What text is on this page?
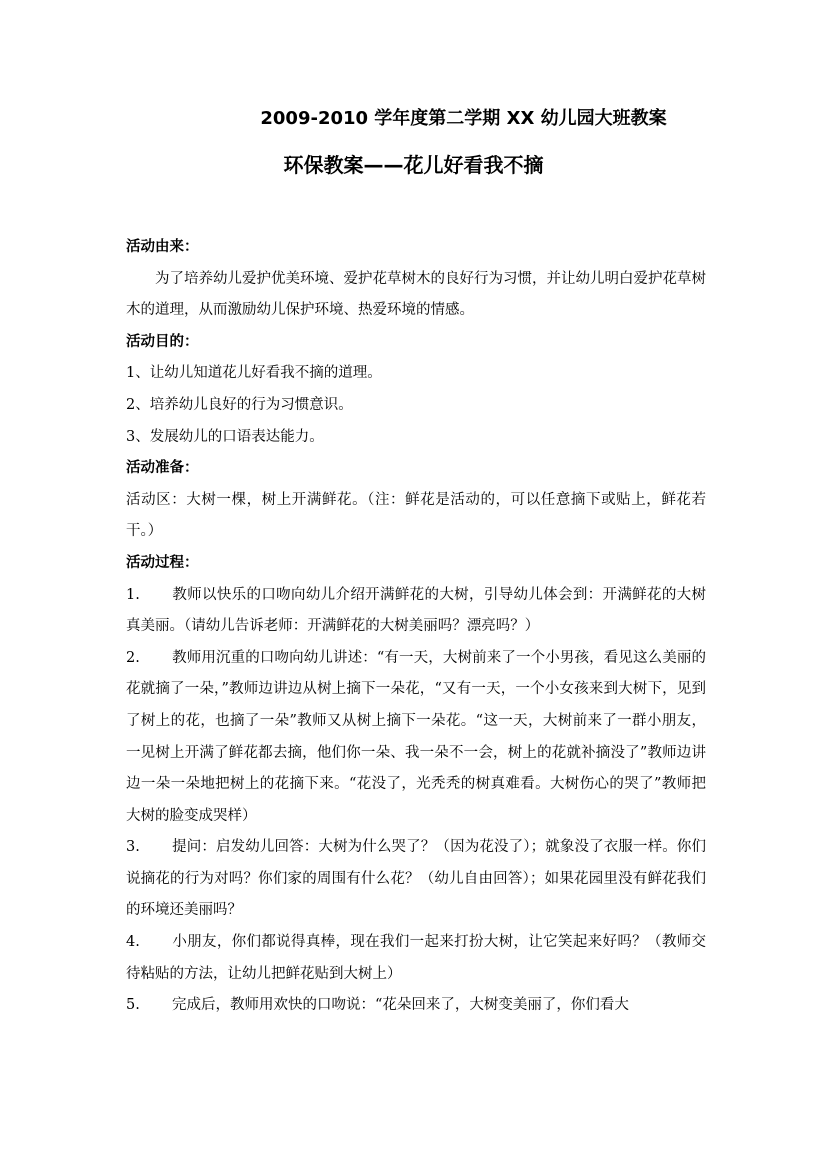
2009-2010 学年度第二学期 XX 幼儿园大班教案
环保教案——花儿好看我不摘

活动由来：

为了培养幼儿爱护优美环境、爱护花草树木的良好行为习惯，并让幼儿明白爱护花草树木的道理，从而激励幼儿保护环境、热爱环境的情感。

活动目的：

1、让幼儿知道花儿好看我不摘的道理。

2、培养幼儿良好的行为习惯意识。

3、发展幼儿的口语表达能力。

活动准备：

活动区：大树一棵，树上开满鲜花。（注：鲜花是活动的，可以任意摘下或贴上，鲜花若干。）

活动过程：

1. 教师以快乐的口吻向幼儿介绍开满鲜花的大树，引导幼儿体会到：开满鲜花的大树真美丽。（请幼儿告诉老师：开满鲜花的大树美丽吗？漂亮吗？）

2. 教师用沉重的口吻向幼儿讲述：“有一天，大树前来了一个小男孩，看见这么美丽的花就摘了一朵，”教师边讲边从树上摘下一朵花，“又有一天，一个小女孩来到大树下，见到了树上的花，也摘了一朵”教师又从树上摘下一朵花。“这一天，大树前来了一群小朋友，一见树上开满了鲜花都去摘，他们你一朵、我一朵不一会，树上的花就补摘没了”教师边讲边一朵一朵地把树上的花摘下来。“花没了，光秃秃的树真难看。大树伤心的哭了”教师把大树的脸变成哭样）

3. 提问：启发幼儿回答：大树为什么哭了？（因为花没了）；就象没了衣服一样。你们说摘花的行为对吗？你们家的周围有什么花？（幼儿自由回答）；如果花园里没有鲜花我们的环境还美丽吗？

4. 小朋友，你们都说得真棒，现在我们一起来打扮大树，让它笑起来好吗？（教师交待粘贴的方法，让幼儿把鲜花贴到大树上）

5. 完成后，教师用欢快的口吻说：“花朵回来了，大树变美丽了，你们看大
